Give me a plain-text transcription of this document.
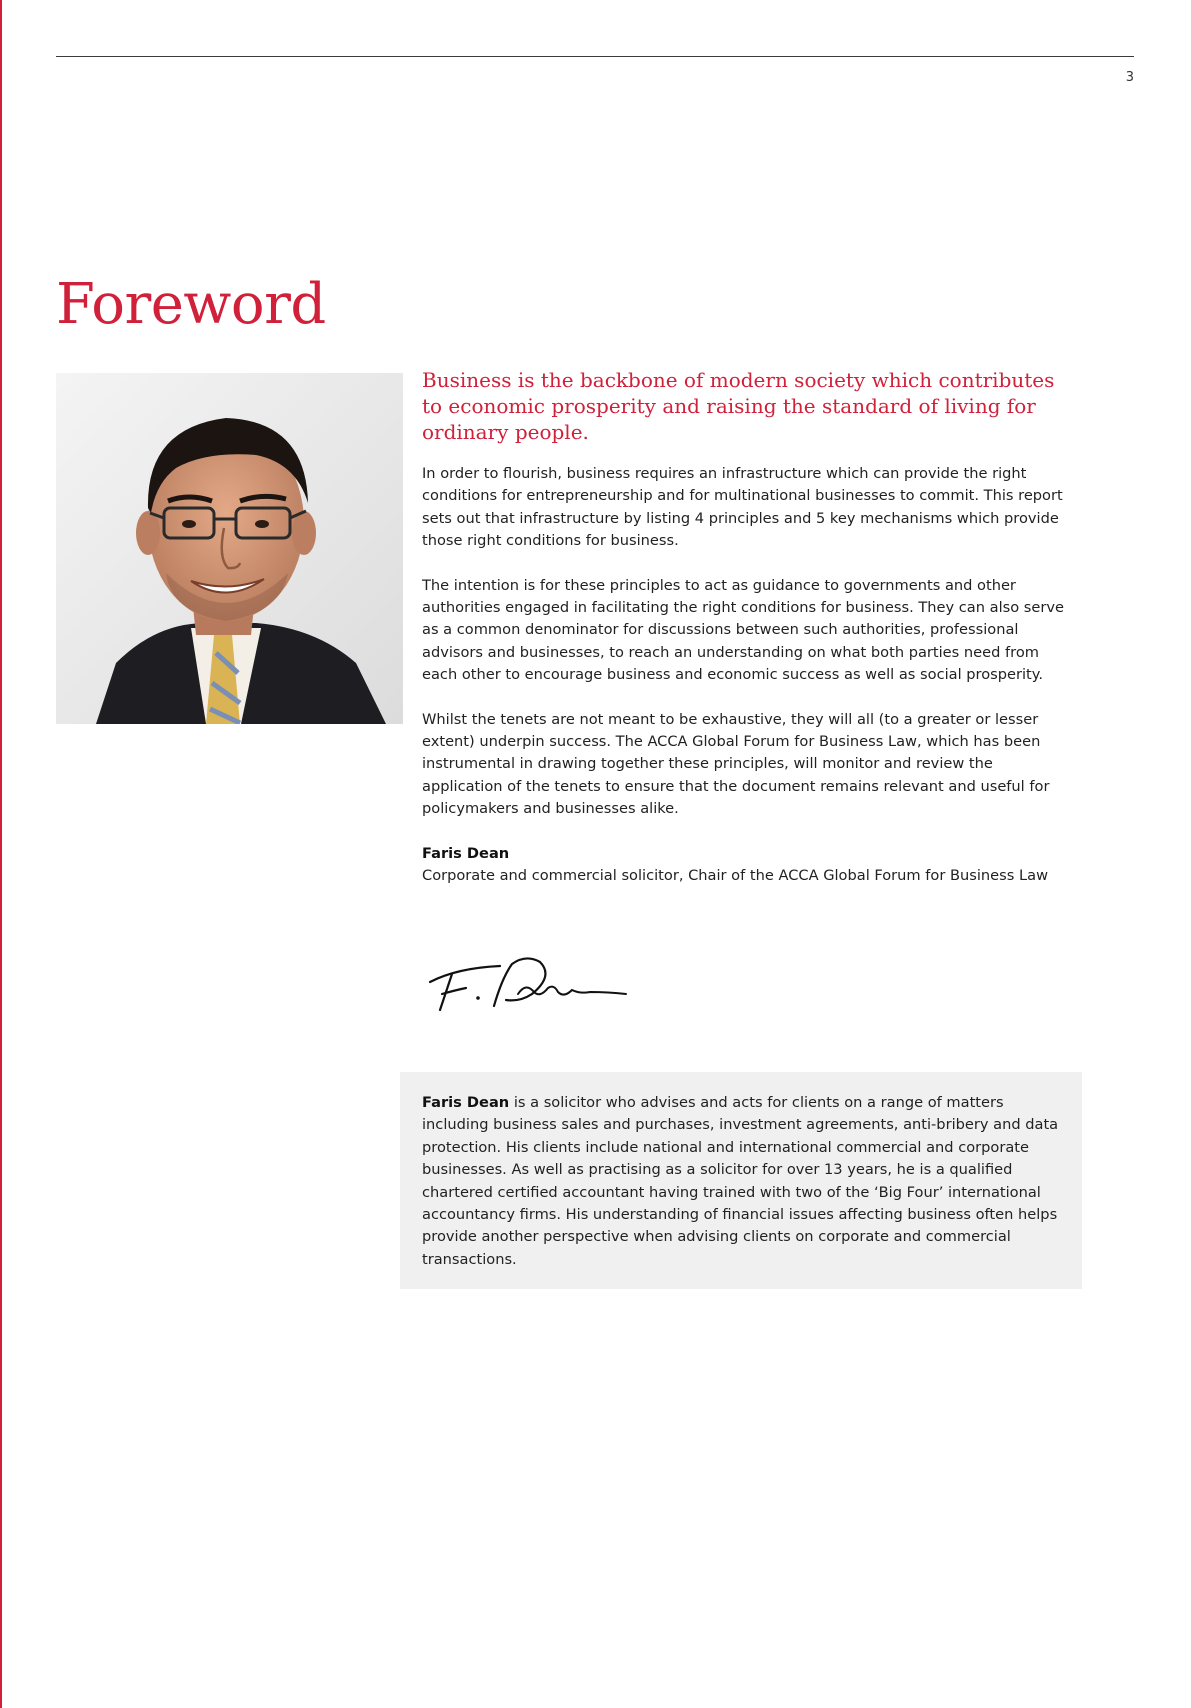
3
Foreword

Business is the backbone of modern society which contributes to economic prosperity and raising the standard of living for ordinary people.

In order to flourish, business requires an infrastructure which can provide the right conditions for entrepreneurship and for multinational businesses to commit. This report sets out that infrastructure by listing 4 principles and 5 key mechanisms which provide those right conditions for business.

The intention is for these principles to act as guidance to governments and other authorities engaged in facilitating the right conditions for business. They can also serve as a common denominator for discussions between such authorities, professional advisors and businesses, to reach an understanding on what both parties need from each other to encourage business and economic success as well as social prosperity.

Whilst the tenets are not meant to be exhaustive, they will all (to a greater or lesser extent) underpin success. The ACCA Global Forum for Business Law, which has been instrumental in drawing together these principles, will monitor and review the application of the tenets to ensure that the document remains relevant and useful for policymakers and businesses alike.

Faris Dean
Corporate and commercial solicitor, Chair of the ACCA Global Forum for Business Law

Faris Dean is a solicitor who advises and acts for clients on a range of matters including business sales and purchases, investment agreements, anti-bribery and data protection. His clients include national and international commercial and corporate businesses. As well as practising as a solicitor for over 13 years, he is a qualified chartered certified accountant having trained with two of the ‘Big Four’ international accountancy firms. His understanding of financial issues affecting business often helps provide another perspective when advising clients on corporate and commercial transactions.
